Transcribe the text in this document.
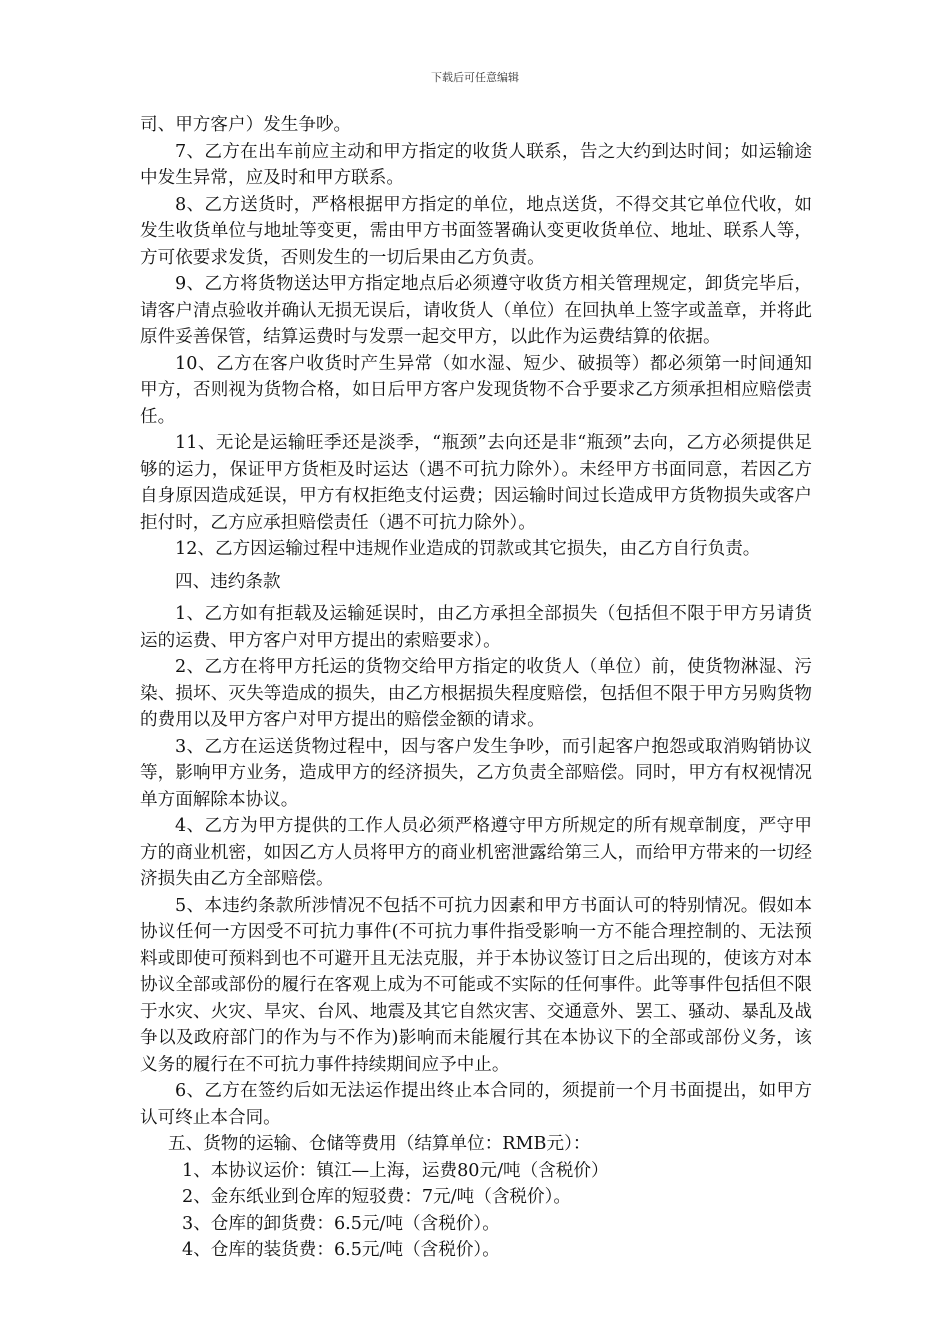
下载后可任意编辑

司、甲方客户）发生争吵。

7、乙方在出车前应主动和甲方指定的收货人联系，告之大约到达时间；如运输途中发生异常，应及时和甲方联系。

8、乙方送货时，严格根据甲方指定的单位，地点送货，不得交其它单位代收，如发生收货单位与地址等变更，需由甲方书面签署确认变更收货单位、地址、联系人等，方可依要求发货，否则发生的一切后果由乙方负责。

9、乙方将货物送达甲方指定地点后必须遵守收货方相关管理规定，卸货完毕后，请客户清点验收并确认无损无误后，请收货人（单位）在回执单上签字或盖章，并将此原件妥善保管，结算运费时与发票一起交甲方，以此作为运费结算的依据。

10、乙方在客户收货时产生异常（如水湿、短少、破损等）都必须第一时间通知甲方，否则视为货物合格，如日后甲方客户发现货物不合乎要求乙方须承担相应赔偿责任。

11、无论是运输旺季还是淡季，“瓶颈”去向还是非“瓶颈”去向，乙方必须提供足够的运力，保证甲方货柜及时运达（遇不可抗力除外）。未经甲方书面同意，若因乙方自身原因造成延误，甲方有权拒绝支付运费；因运输时间过长造成甲方货物损失或客户拒付时，乙方应承担赔偿责任（遇不可抗力除外）。

12、乙方因运输过程中违规作业造成的罚款或其它损失，由乙方自行负责。

四、违约条款

1、乙方如有拒载及运输延误时，由乙方承担全部损失（包括但不限于甲方另请货运的运费、甲方客户对甲方提出的索赔要求）。

2、乙方在将甲方托运的货物交给甲方指定的收货人（单位）前，使货物淋湿、污染、损坏、灭失等造成的损失，由乙方根据损失程度赔偿，包括但不限于甲方另购货物的费用以及甲方客户对甲方提出的赔偿金额的请求。

3、乙方在运送货物过程中，因与客户发生争吵，而引起客户抱怨或取消购销协议等，影响甲方业务，造成甲方的经济损失，乙方负责全部赔偿。同时，甲方有权视情况单方面解除本协议。

4、乙方为甲方提供的工作人员必须严格遵守甲方所规定的所有规章制度，严守甲方的商业机密，如因乙方人员将甲方的商业机密泄露给第三人，而给甲方带来的一切经济损失由乙方全部赔偿。

5、本违约条款所涉情况不包括不可抗力因素和甲方书面认可的特别情况。假如本协议任何一方因受不可抗力事件(不可抗力事件指受影响一方不能合理控制的、无法预料或即使可预料到也不可避开且无法克服，并于本协议签订日之后出现的，使该方对本协议全部或部份的履行在客观上成为不可能或不实际的任何事件。此等事件包括但不限于水灾、火灾、旱灾、台风、地震及其它自然灾害、交通意外、罢工、骚动、暴乱及战争以及政府部门的作为与不作为)影响而未能履行其在本协议下的全部或部份义务，该义务的履行在不可抗力事件持续期间应予中止。

6、乙方在签约后如无法运作提出终止本合同的，须提前一个月书面提出，如甲方认可终止本合同。

五、货物的运输、仓储等费用（结算单位：RMB元）：

1、本协议运价：镇江—上海，运费80元/吨（含税价）

2、金东纸业到仓库的短驳费：7元/吨（含税价）。

3、仓库的卸货费：6.5元/吨（含税价）。

4、仓库的装货费：6.5元/吨（含税价）。
